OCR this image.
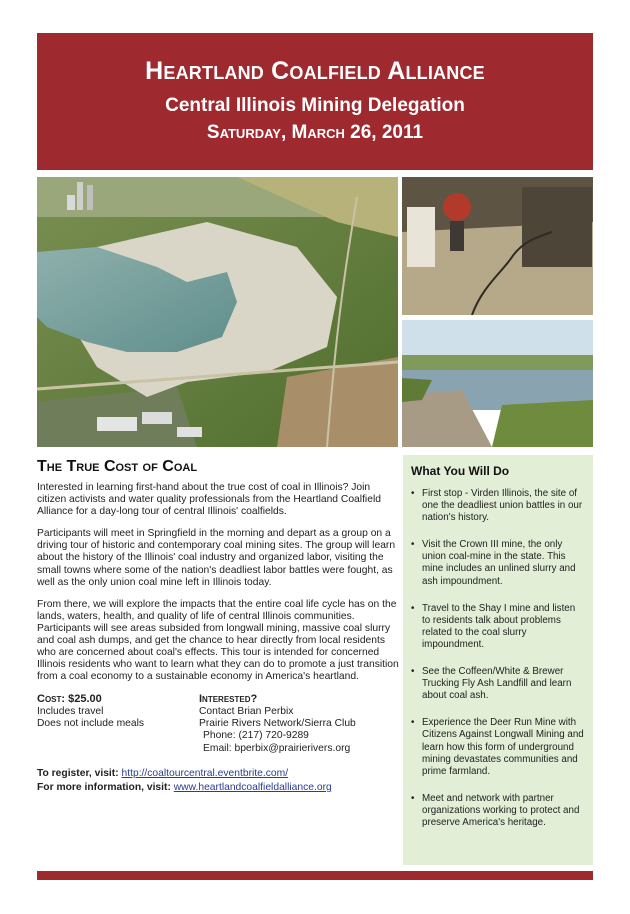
Heartland Coalfield Alliance
Central Illinois Mining Delegation
Saturday, March 26, 2011
The True Cost of Coal

Interested in learning first-hand about the true cost of coal in Illinois? Join citizen activists and water quality professionals from the Heartland Coalfield Alliance for a day-long tour of central Illinois' coalfields.

Participants will meet in Springfield in the morning and depart as a group on a driving tour of historic and contemporary coal mining sites. The group will learn about the history of the Illinois' coal industry and organized labor, visiting the small towns where some of the nation's deadliest labor battles were fought, as well as the only union coal mine left in Illinois today.

From there, we will explore the impacts that the entire coal life cycle has on the lands, waters, health, and quality of life of central Illinois communities. Participants will see areas subsided from longwall mining, massive coal slurry and coal ash dumps, and get the chance to hear directly from local residents who are concerned about coal's effects. This tour is intended for concerned Illinois residents who want to learn what they can do to promote a just transition from a coal economy to a sustainable economy in America's heartland.

Cost: $25.00
Includes travel
Does not include meals
Interested?
Contact Brian Perbix
Prairie Rivers Network/Sierra Club
Phone: (217) 720-9289
Email: bperbix@prairierivers.org
To register, visit: http://coaltourcentral.eventbrite.com/
For more information, visit: www.heartlandcoalfieldalliance.org
What You Will Do
• First stop - Virden Illinois, the site of one the deadliest union battles in our nation's history.
• Visit the Crown III mine, the only union coal-mine in the state. This mine includes an unlined slurry and ash impoundment.
• Travel to the Shay I mine and listen to residents talk about problems related to the coal slurry impoundment.
• See the Coffeen/White & Brewer Trucking Fly Ash Landfill and learn about coal ash.
• Experience the Deer Run Mine with Citizens Against Longwall Mining and learn how this form of underground mining devastates communities and prime farmland.
• Meet and network with partner organizations working to protect and preserve America's heritage.
